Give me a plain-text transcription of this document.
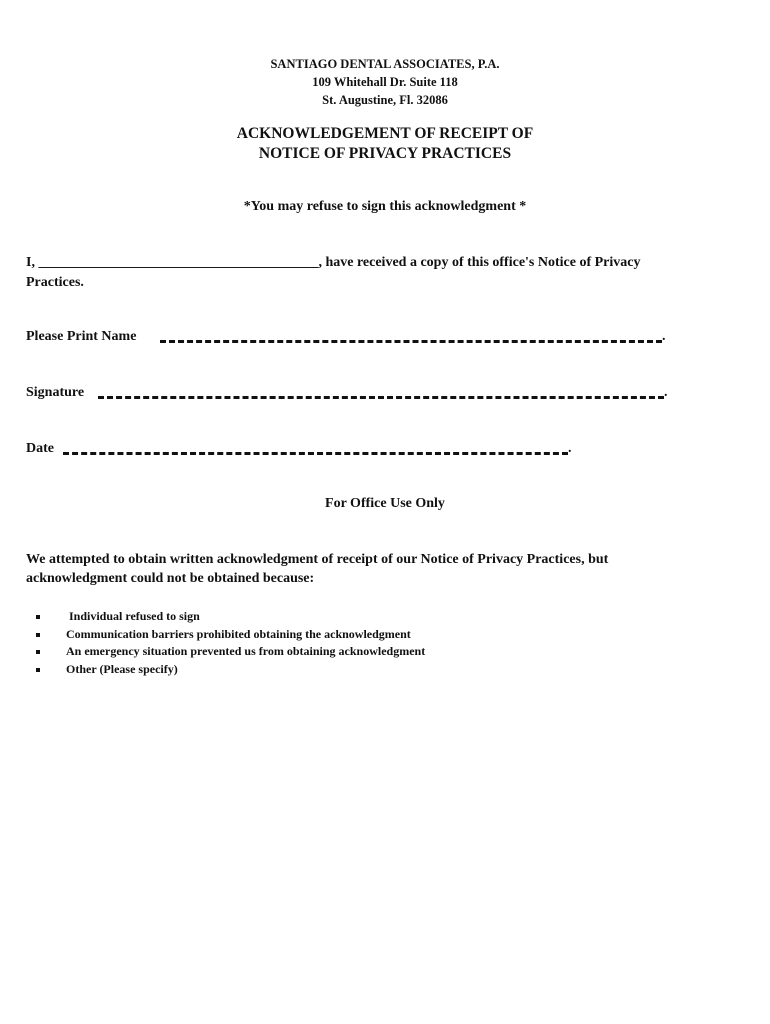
SANTIAGO DENTAL ASSOCIATES, P.A.
109 Whitehall Dr. Suite 118
St. Augustine, Fl. 32086
ACKNOWLEDGEMENT OF RECEIPT OF
NOTICE OF PRIVACY PRACTICES
*You may refuse to sign this acknowledgment *
I, ________________________________________, have received a copy of this office's Notice of Privacy
Practices.
Please Print Name	.
Signature	.
Date	.
For Office Use Only
We attempted to obtain written acknowledgment of receipt of our Notice of Privacy Practices, but
acknowledgment could not be obtained because:
Individual refused to sign
Communication barriers prohibited obtaining the acknowledgment
An emergency situation prevented us from obtaining acknowledgment
Other (Please specify)
